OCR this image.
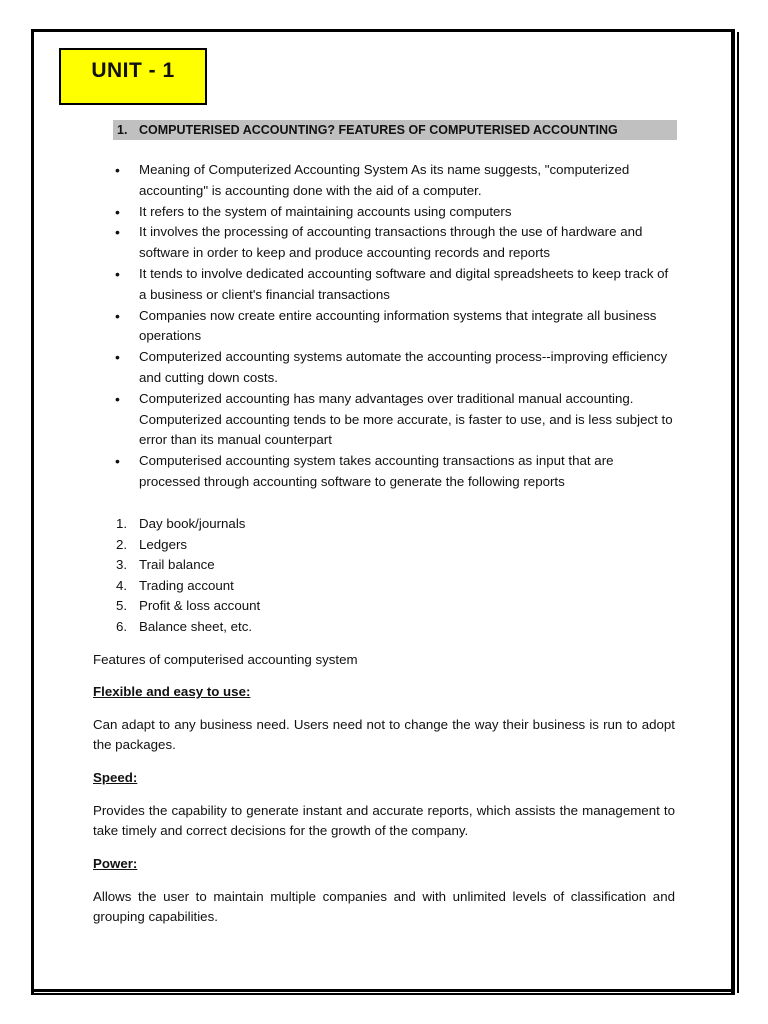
UNIT - 1
1. COMPUTERISED ACCOUNTING? FEATURES OF COMPUTERISED ACCOUNTING
• Meaning of Computerized Accounting System As its name suggests, "computerized accounting" is accounting done with the aid of a computer.
• It refers to the system of maintaining accounts using computers
• It involves the processing of accounting transactions through the use of hardware and software in order to keep and produce accounting records and reports
• It tends to involve dedicated accounting software and digital spreadsheets to keep track of a business or client's financial transactions
• Companies now create entire accounting information systems that integrate all business operations
• Computerized accounting systems automate the accounting process--improving efficiency and cutting down costs.
• Computerized accounting has many advantages over traditional manual accounting. Computerized accounting tends to be more accurate, is faster to use, and is less subject to error than its manual counterpart
• Computerised accounting system takes accounting transactions as input that are processed through accounting software to generate the following reports
1. Day book/journals
2. Ledgers
3. Trail balance
4. Trading account
5. Profit & loss account
6. Balance sheet, etc.

Features of computerised accounting system

Flexible and easy to use:

Can adapt to any business need. Users need not to change the way their business is run to adopt the packages.

Speed:

Provides the capability to generate instant and accurate reports, which assists the management to take timely and correct decisions for the growth of the company.

Power:

Allows the user to maintain multiple companies and with unlimited levels of classification and grouping capabilities.
